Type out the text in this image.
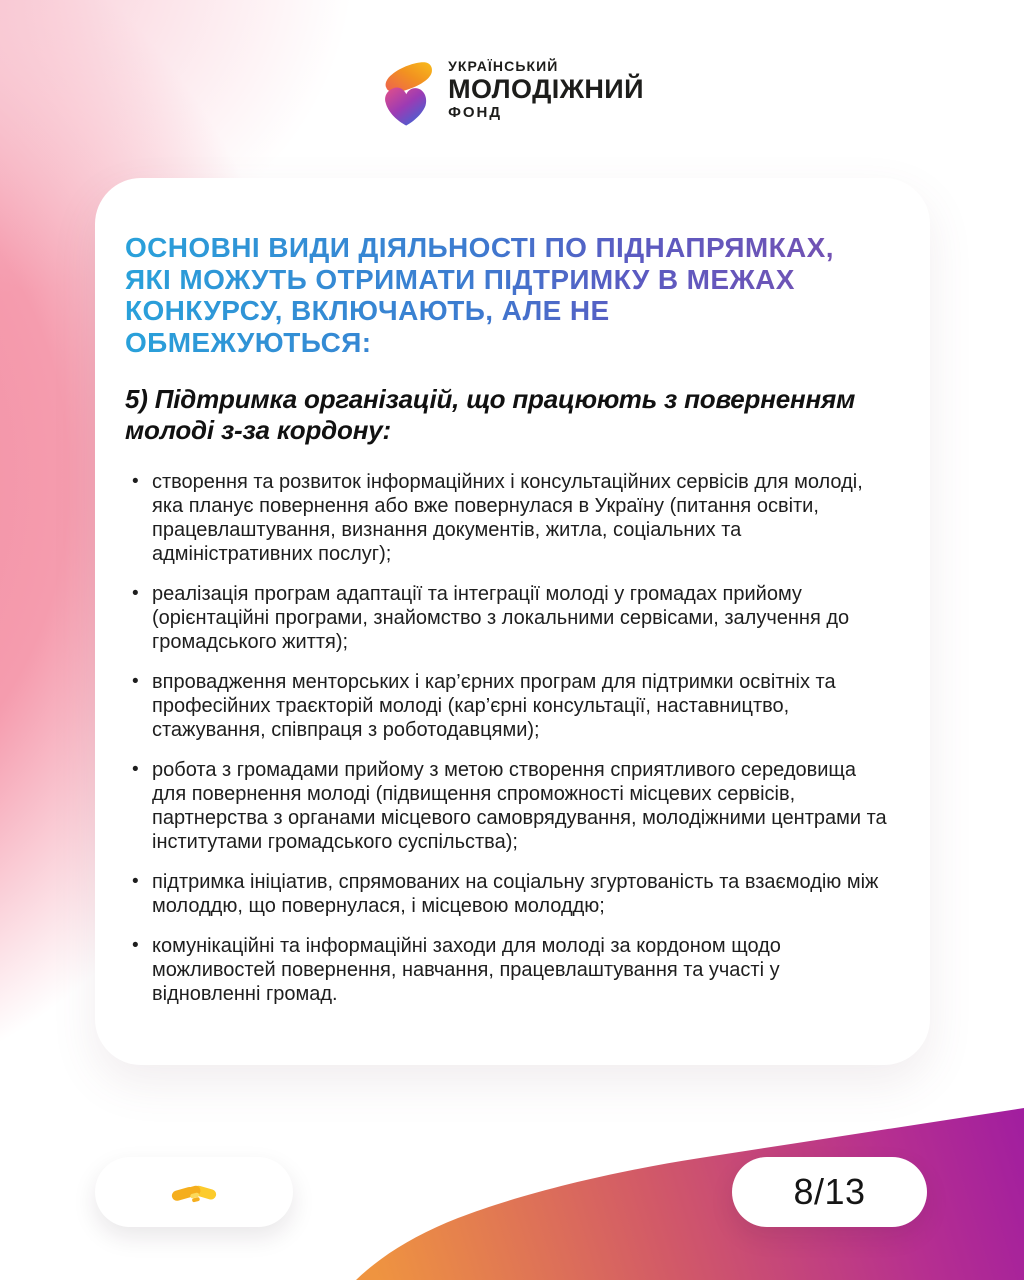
УКРАЇНСЬКИЙ
МОЛОДІЖНИЙ
ФОНД
ОСНОВНІ ВИДИ ДІЯЛЬНОСТІ ПО ПІДНАПРЯМКАХ,
ЯКІ МОЖУТЬ ОТРИМАТИ ПІДТРИМКУ В МЕЖАХ
КОНКУРСУ, ВКЛЮЧАЮТЬ, АЛЕ НЕ
ОБМЕЖУЮТЬСЯ:
5) Підтримка організацій, що працюють з поверненням
молоді з-за кордону:
• створення та розвиток інформаційних і консультаційних сервісів для молоді, яка планує повернення або вже повернулася в Україну (питання освіти, працевлаштування, визнання документів, житла, соціальних та адміністративних послуг);
• реалізація програм адаптації та інтеграції молоді у громадах прийому (орієнтаційні програми, знайомство з локальними сервісами, залучення до громадського життя);
• впровадження менторських і кар’єрних програм для підтримки освітніх та професійних траєкторій молоді (кар’єрні консультації, наставництво, стажування, співпраця з роботодавцями);
• робота з громадами прийому з метою створення сприятливого середовища для повернення молоді (підвищення спроможності місцевих сервісів, партнерства з органами місцевого самоврядування, молодіжними центрами та інститутами громадського суспільства);
• підтримка ініціатив, спрямованих на соціальну згуртованість та взаємодію між молоддю, що повернулася, і місцевою молоддю;
• комунікаційні та інформаційні заходи для молоді за кордоном щодо можливостей повернення, навчання, працевлаштування та участі у відновленні громад.
8/13
